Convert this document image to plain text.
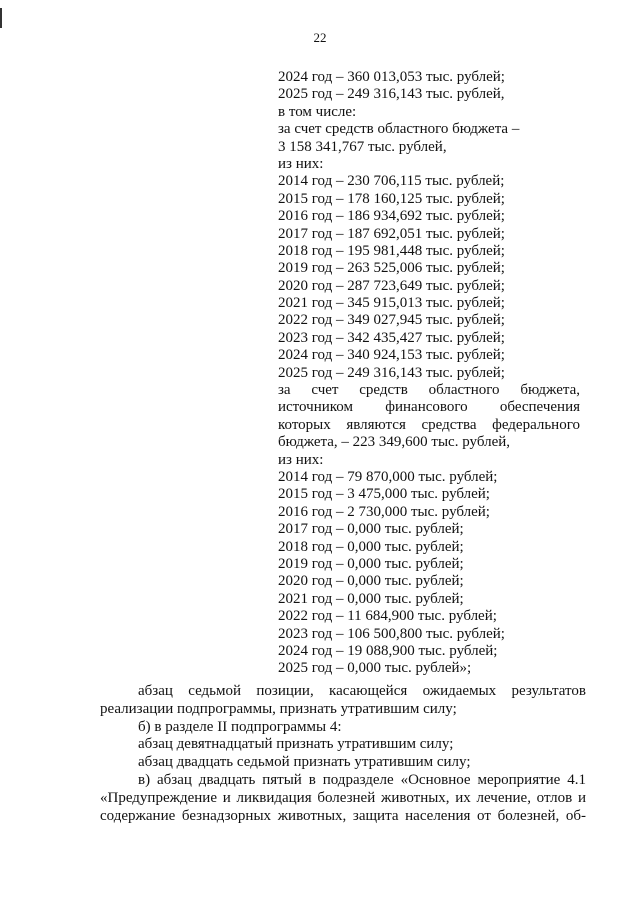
22
2024 год – 360 013,053 тыс. рублей;
2025 год – 249 316,143 тыс. рублей,
в том числе:
за счет средств областного бюджета –
3 158 341,767 тыс. рублей,
из них:
2014 год – 230 706,115 тыс. рублей;
2015 год – 178 160,125 тыс. рублей;
2016 год – 186 934,692 тыс. рублей;
2017 год – 187 692,051 тыс. рублей;
2018 год – 195 981,448 тыс. рублей;
2019 год – 263 525,006 тыс. рублей;
2020 год – 287 723,649 тыс. рублей;
2021 год – 345 915,013 тыс. рублей;
2022 год – 349 027,945 тыс. рублей;
2023 год – 342 435,427 тыс. рублей;
2024 год – 340 924,153 тыс. рублей;
2025 год – 249 316,143 тыс. рублей;
за счет средств областного бюджета,
источником финансового обеспечения
которых являются средства федерального
бюджета, – 223 349,600 тыс. рублей,
из них:
2014 год – 79 870,000 тыс. рублей;
2015 год – 3 475,000 тыс. рублей;
2016 год – 2 730,000 тыс. рублей;
2017 год – 0,000 тыс. рублей;
2018 год – 0,000 тыс. рублей;
2019 год – 0,000 тыс. рублей;
2020 год – 0,000 тыс. рублей;
2021 год – 0,000 тыс. рублей;
2022 год – 11 684,900 тыс. рублей;
2023 год – 106 500,800 тыс. рублей;
2024 год – 19 088,900 тыс. рублей;
2025 год – 0,000 тыс. рублей»;
абзац седьмой позиции, касающейся ожидаемых результатов реализации подпрограммы, признать утратившим силу;
б) в разделе II подпрограммы 4:
абзац девятнадцатый признать утратившим силу;
абзац двадцать седьмой признать утратившим силу;
в) абзац двадцать пятый в подразделе «Основное мероприятие 4.1
«Предупреждение и ликвидация болезней животных, их лечение, отлов и
содержание безнадзорных животных, защита населения от болезней, об-
